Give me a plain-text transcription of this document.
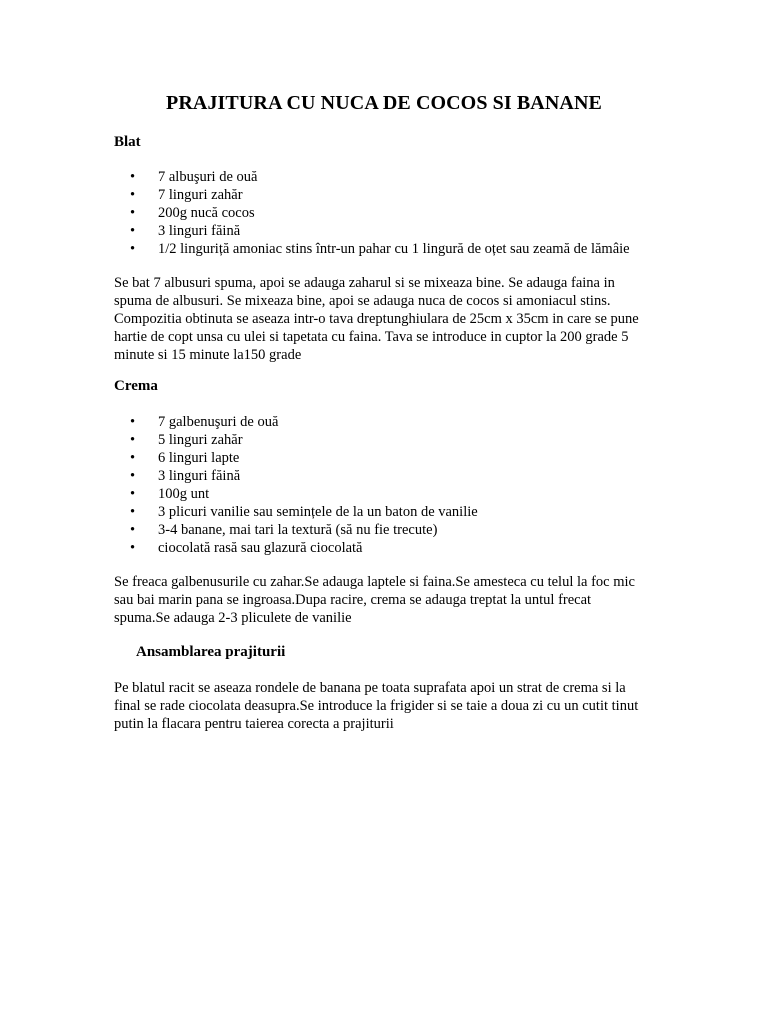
PRAJITURA CU NUCA DE COCOS SI BANANE
Blat
• 7 albuşuri de ouă
• 7 linguri zahăr
• 200g nucă cocos
• 3 linguri făină
• 1/2 linguriță amoniac stins într-un pahar cu 1 lingură de oțet sau zeamă de lămâie

Se bat 7 albusuri spuma, apoi se adauga zaharul si se mixeaza bine. Se adauga faina in spuma de albusuri. Se mixeaza bine, apoi se adauga nuca de cocos si amoniacul stins. Compozitia obtinuta se aseaza intr-o tava dreptunghiulara de 25cm x 35cm in care se pune hartie de copt unsa cu ulei si tapetata cu faina. Tava se introduce in cuptor la 200 grade 5 minute si 15 minute la150 grade

Crema
• 7 galbenuşuri de ouă
• 5 linguri zahăr
• 6 linguri lapte
• 3 linguri făină
• 100g unt
• 3 plicuri vanilie sau semințele de la un baton de vanilie
• 3-4 banane, mai tari la textură (să nu fie trecute)
• ciocolată rasă sau glazură ciocolată

Se freaca galbenusurile cu zahar.Se adauga laptele si faina.Se amesteca cu telul la foc mic sau bai marin pana se ingroasa.Dupa racire, crema se adauga treptat la untul frecat spuma.Se adauga 2-3 pliculete de vanilie

Ansamblarea prajiturii

Pe blatul racit se aseaza rondele de banana pe toata suprafata apoi un strat de crema si la final se rade ciocolata deasupra.Se introduce la frigider si se taie a doua zi cu un cutit tinut putin la flacara pentru taierea corecta a prajiturii
